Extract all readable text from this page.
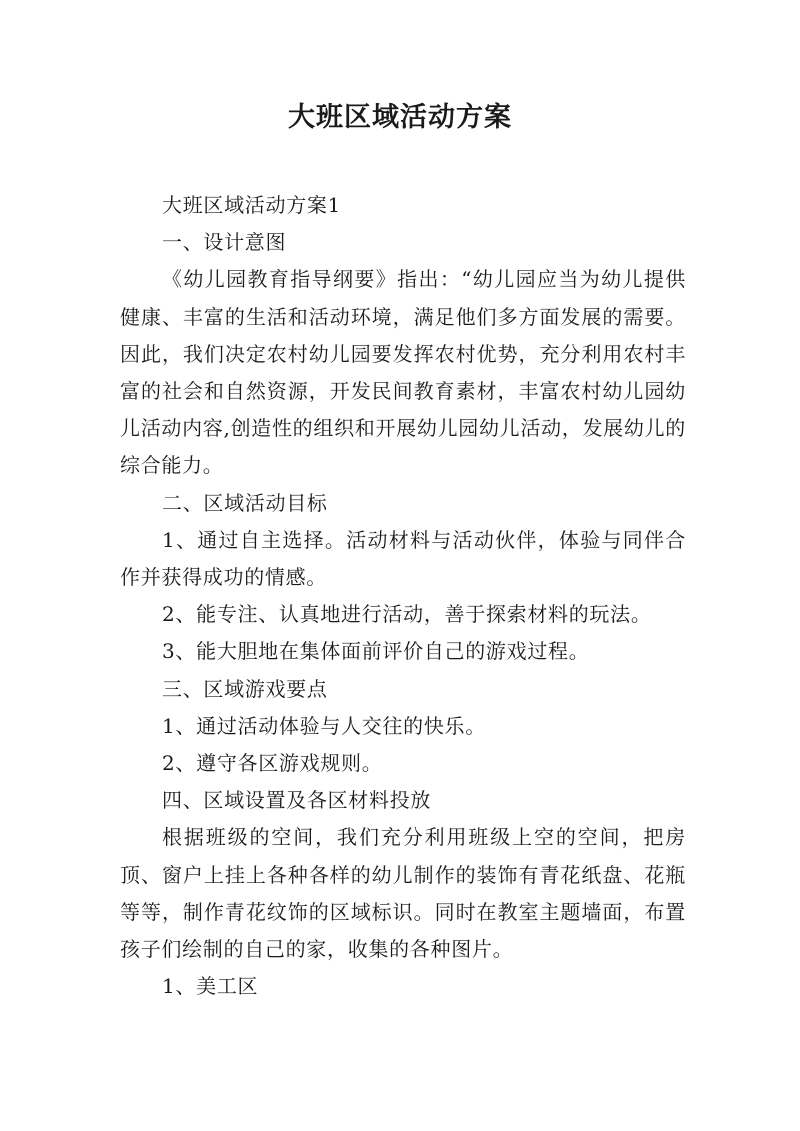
大班区域活动方案

大班区域活动方案1

一、设计意图

《幼儿园教育指导纲要》指出：“幼儿园应当为幼儿提供健康、丰富的生活和活动环境，满足他们多方面发展的需要。因此，我们决定农村幼儿园要发挥农村优势，充分利用农村丰富的社会和自然资源，开发民间教育素材，丰富农村幼儿园幼儿活动内容,创造性的组织和开展幼儿园幼儿活动，发展幼儿的综合能力。

二、区域活动目标

1、通过自主选择。活动材料与活动伙伴，体验与同伴合作并获得成功的情感。

2、能专注、认真地进行活动，善于探索材料的玩法。

3、能大胆地在集体面前评价自己的游戏过程。

三、区域游戏要点

1、通过活动体验与人交往的快乐。

2、遵守各区游戏规则。

四、区域设置及各区材料投放

根据班级的空间，我们充分利用班级上空的空间，把房顶、窗户上挂上各种各样的幼儿制作的装饰有青花纸盘、花瓶等等，制作青花纹饰的区域标识。同时在教室主题墙面，布置孩子们绘制的自己的家，收集的各种图片。

1、美工区
